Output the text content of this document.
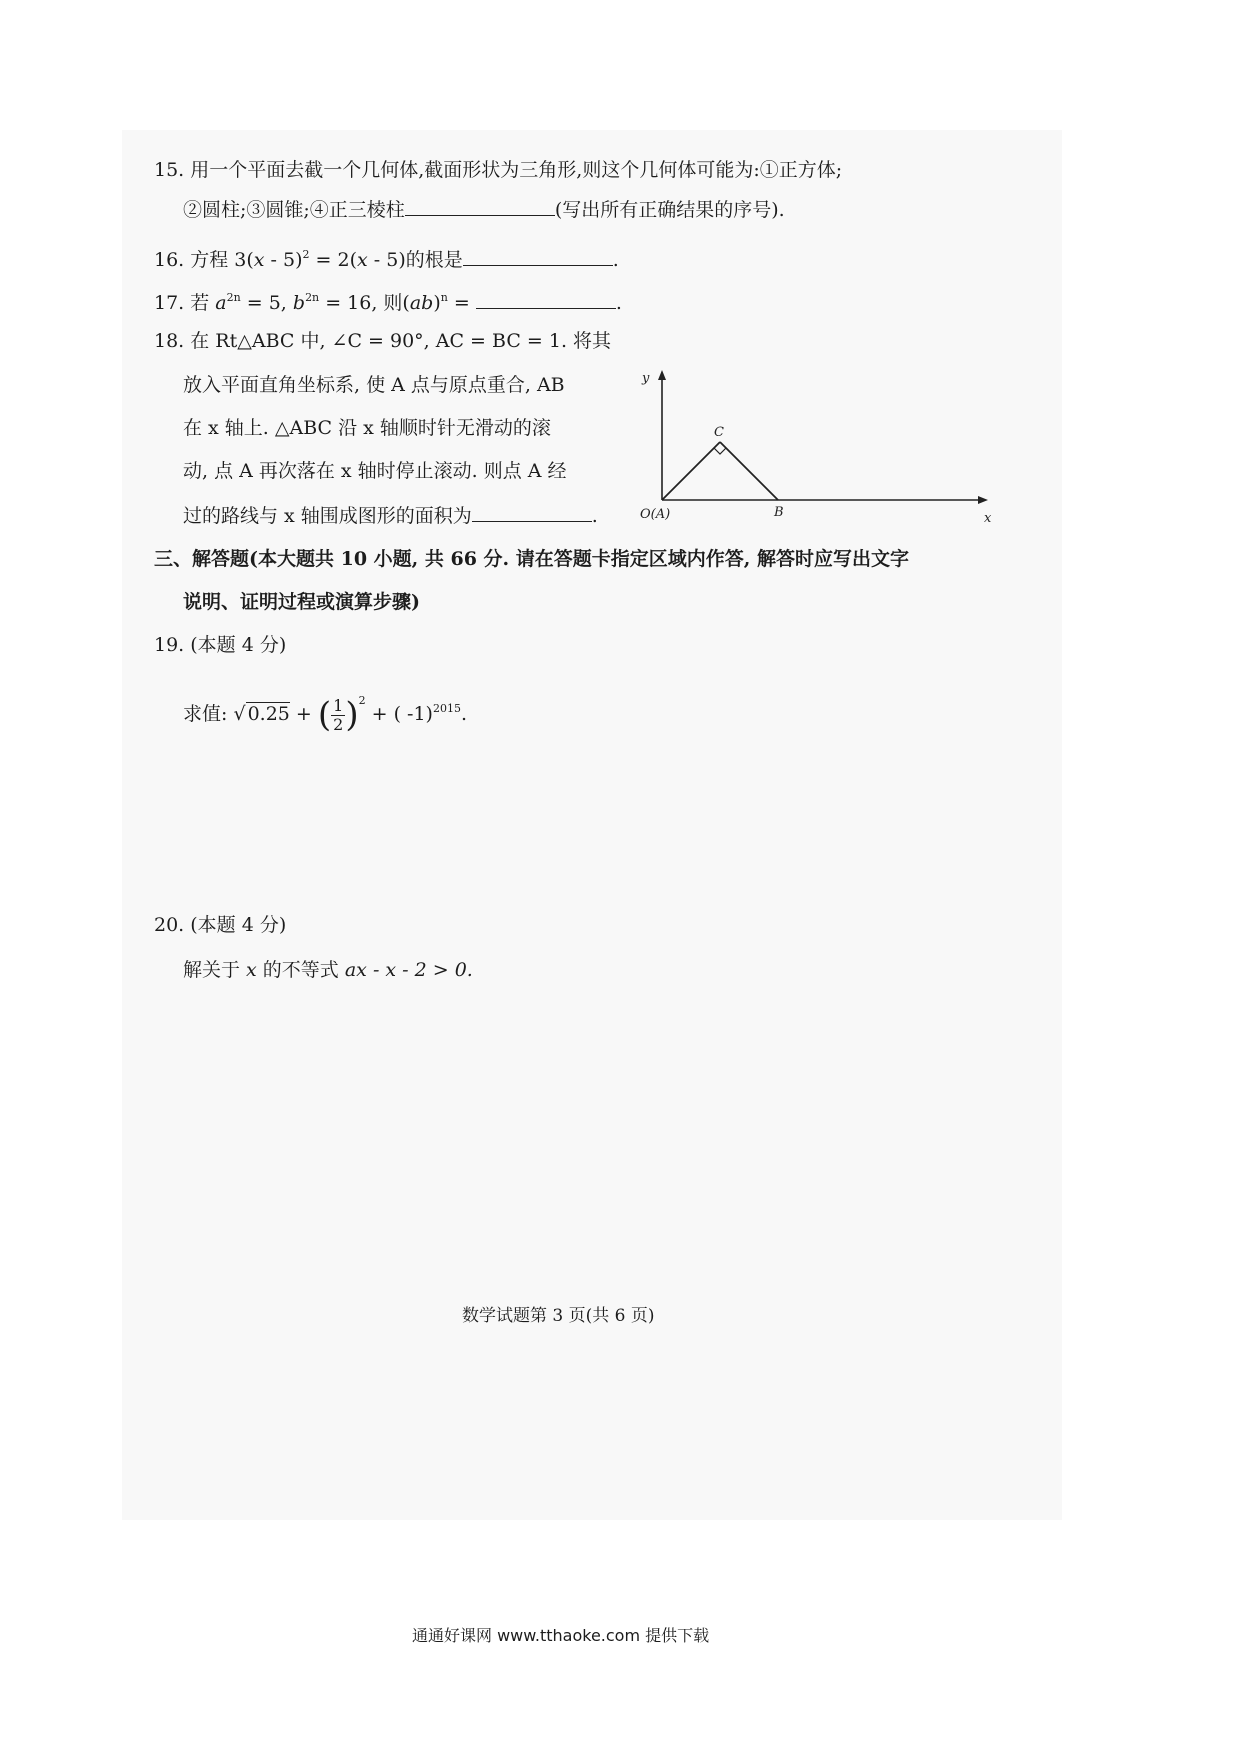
15. 用一个平面去截一个几何体,截面形状为三角形,则这个几何体可能为:①正方体;
②圆柱;③圆锥;④正三棱柱	(写出所有正确结果的序号).
16. 方程 3(x - 5)$^2$ = 2(x - 5)的根是	.
17. 若 $a^{2n} = 5$, $b^{2n} = 16$, 则(ab)$^n$ =	.
18. 在 Rt△ABC 中, ∠C = 90°, AC = BC = 1. 将其
放入平面直角坐标系, 使 A 点与原点重合, AB
在 x 轴上. △ABC 沿 x 轴顺时针无滑动的滚
动, 点 A 再次落在 x 轴时停止滚动. 则点 A 经
过的路线与 x 轴围成图形的面积为	.
y
x
C
O(A)	B
三、解答题(本大题共 10 小题, 共 66 分. 请在答题卡指定区域内作答, 解答时应写出文字
说明、证明过程或演算步骤)
19. (本题 4 分)
求值: √ 0.25 + ( $\frac{1}{2} )^2$ + ( -1)$^{2015}$.
20. (本题 4 分)
解关于 x 的不等式 ax - x - 2 > 0.
数学试题第 3 页(共 6 页)
通通好课网 www.tthaoke.com 提供下载
